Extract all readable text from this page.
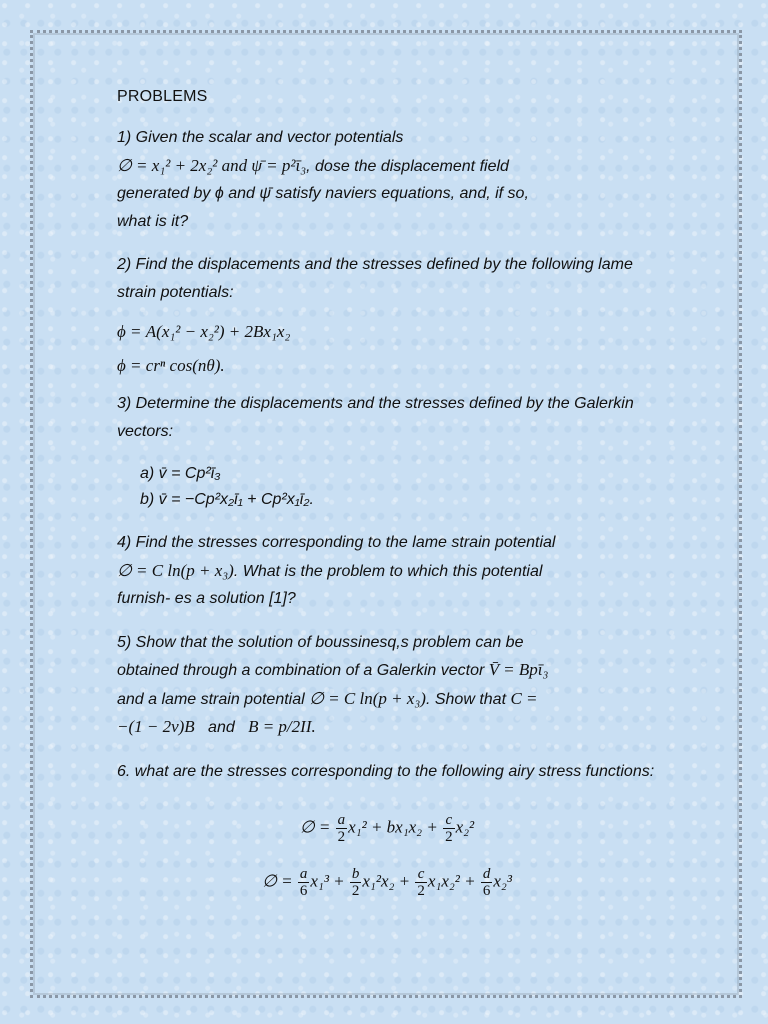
PROBLEMS
1) Given the scalar and vector potentials
∅ = x₁² + 2x₂² and ψ̄ = p²ῑ₃, dose the displacement field
generated by ϕ and ψ̄ satisfy naviers equations, and, if so,
what is it?
2) Find the displacements and the stresses defined by the following lame strain potentials:
ϕ = A(x₁² − x₂²) + 2Bx₁x₂
ϕ = crⁿ cos(nθ).
3) Determine the displacements and the stresses defined by the Galerkin vectors:
a) v̄ = Cp²ῑ₃
b) v̄ = −Cp²x₂ῑ₁ + Cp²x₁ῑ₂.
4) Find the stresses corresponding to the lame strain potential
∅ = C ln(p + x₃). What is the problem to which this potential
furnish- es a solution [1]?
5) Show that the solution of boussinesq,s problem can be
obtained through a combination of a Galerkin vector V̄ = Bpῑ₃
and a lame strain potential ∅ = C ln(p + x₃). Show that C =
−(1 − 2v)B   and   B = p/2II.
6. what are the stresses corresponding to the following airy stress functions:
∅ = $\frac{a}{2} x_1^2 + bx_1x_2 + \frac{c}{2} x_2^2$
∅ = $\frac{a}{6} x_1^3 + \frac{b}{2} x_1^2x_2 + \frac{c}{2} x_1x_2^2 + \frac{d}{6} x_2^3$
